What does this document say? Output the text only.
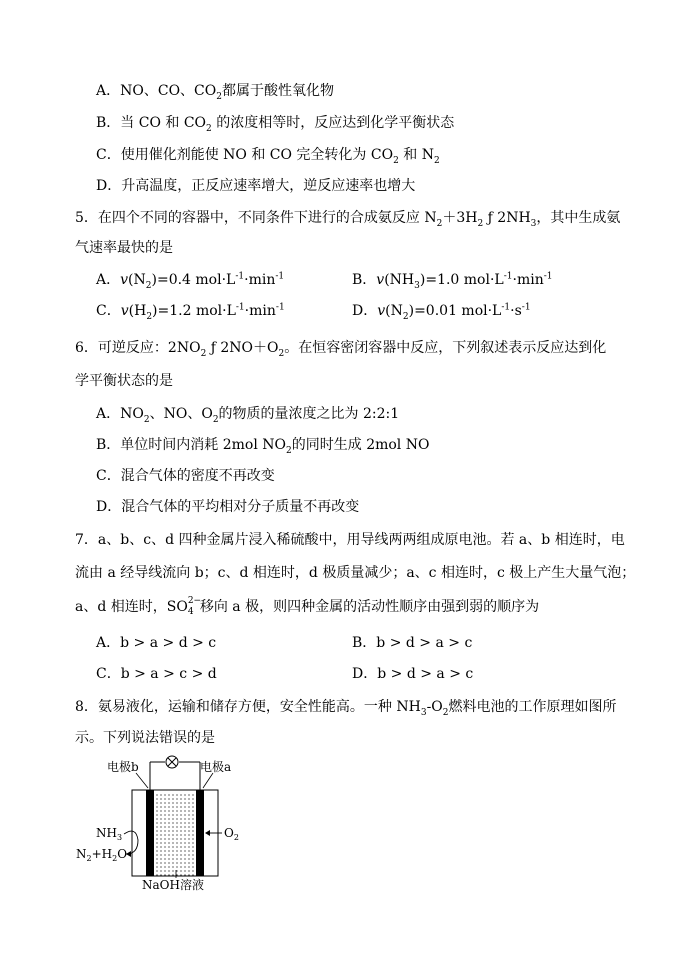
A．NO、CO、$CO_2$都属于酸性氧化物
B．当 CO 和 $CO_2$ 的浓度相等时，反应达到化学平衡状态
C．使用催化剂能使 NO 和 CO 完全转化为 $CO_2$ 和 $N_2$
D．升高温度，正反应速率增大，逆反应速率也增大
5．在四个不同的容器中，不同条件下进行的合成氨反应 $N_2+3H_2$ ƒ $2NH_3$，其中生成氨
气速率最快的是
A．$v(N_2)=0.4$ $mol\cdot L^{-1}\cdot\min^{-1}$	B．$v(NH_3)=1.0$ $mol\cdot L^{-1}\cdot\min^{-1}$
C．$v(H_2)=1.2$ $mol\cdot L^{-1}\cdot\min^{-1}$	D．$v(N_2)=0.01$ $mol\cdot L^{-1}\cdot s^{-1}$
6．可逆反应：$2NO_2$ ƒ $2NO+O_2$。在恒容密闭容器中反应，下列叙述表示反应达到化
学平衡状态的是
A．$NO_2$、NO、$O_2$的物质的量浓度之比为 2:2:1
B．单位时间内消耗 2mol $NO_2$的同时生成 2mol NO
C．混合气体的密度不再改变
D．混合气体的平均相对分子质量不再改变
7．a、b、c、d 四种金属片浸入稀硫酸中，用导线两两组成原电池。若 a、b 相连时，电
流由 a 经导线流向 b；c、d 相连时，d 极质量减少；a、c 相连时，c 极上产生大量气泡；
a、d 相连时，SO 2−
4 移向 a 极，则四种金属的活动性顺序由强到弱的顺序为
A．b > a > d > c	B．b > d > a > c
C．b > a > c > d	D．b > d > a > c
8．氨易液化，运输和储存方便，安全性能高。一种 $NH_3-O_2$燃料电池的工作原理如图所
示。下列说法错误的是
电极b	电极a
$NH_3$	$O_2$
$N_2+H_2O$
NaOH溶液
